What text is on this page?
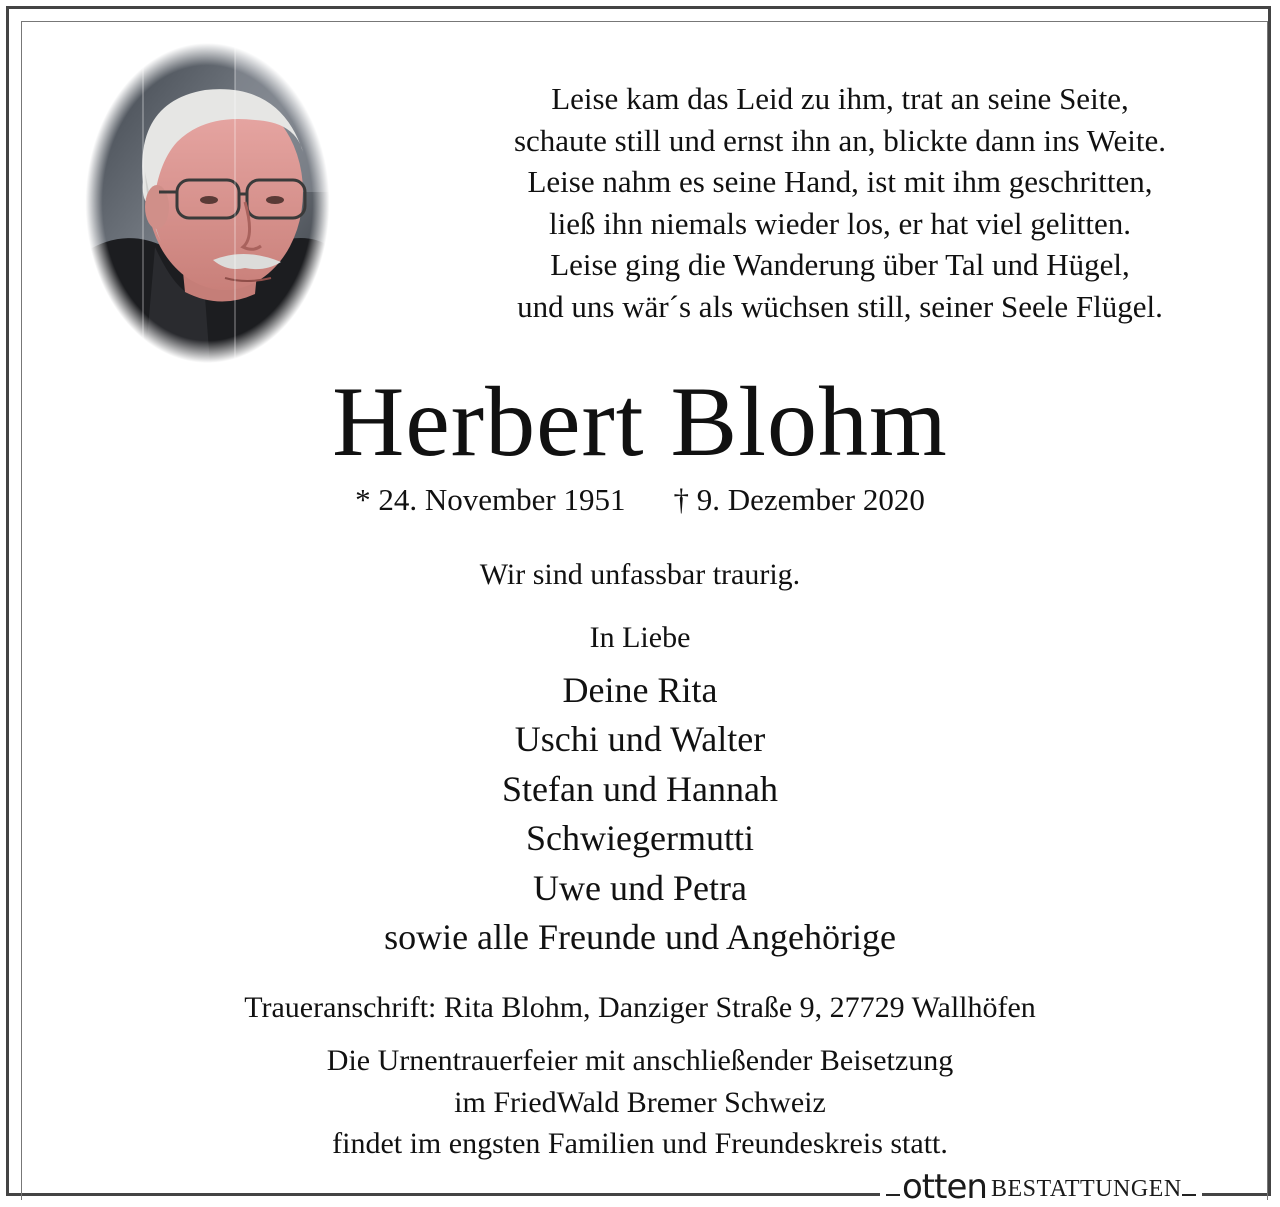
Leise kam das Leid zu ihm, trat an seine Seite,
schaute still und ernst ihn an, blickte dann ins Weite.
Leise nahm es seine Hand, ist mit ihm geschritten,
ließ ihn niemals wieder los, er hat viel gelitten.
Leise ging die Wanderung über Tal und Hügel,
und uns wär´s als wüchsen still, seiner Seele Flügel.
Herbert Blohm
* 24. November 1951 † 9. Dezember 2020
Wir sind unfassbar traurig.
In Liebe
Deine Rita
Uschi und Walter
Stefan und Hannah
Schwiegermutti
Uwe und Petra
sowie alle Freunde und Angehörige
Traueranschrift: Rita Blohm, Danziger Straße 9, 27729 Wallhöfen
Die Urnentrauerfeier mit anschließender Beisetzung
im FriedWald Bremer Schweiz
findet im engsten Familien und Freundeskreis statt.
otten BESTATTUNGEN
